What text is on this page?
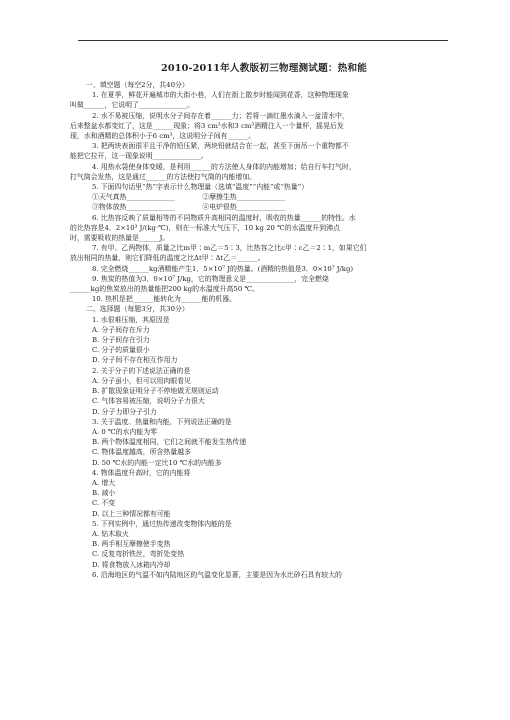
2010-2011年人教版初三物理测试题：热和能
一、填空题（每空2分，共40分）
1. 在夏季，鲜花开遍城市的大街小巷，人们在街上散步时能闻到花香，这种物理现象
叫做______，它说明了______________。
2. 水不易被压缩，说明水分子间存在着______力；若将一滴红墨水滴入一盆清水中，
后来整盆水都变红了，这是______现象；将3 cm³水和3 cm³酒精注入一个量杯，摇晃后发
现，水和酒精的总体积小于6 cm³，这说明分子间有______。
3. 把两块表面很平且干净的铅压紧，两块铅就结合在一起，甚至下面吊一个重物都不
能把它拉开，这一现象说明______________。
4. 用热水袋使身体变暖，是利用______的方法使人身体的内能增加；给自行车打气时，
打气筒会发热，这是通过______的方法使打气筒的内能增加。
5. 下面四句话里“热”字表示什么物理量（选填“温度”“内能”或“热量”）
①天气真热______________　　　　②摩擦生热______________
③物体放热______________　　　　④电炉很热______________
6. 比热容反映了质量相等的不同物质升高相同的温度时，吸收的热量______的特性。水
的比热容是4．2×10³ J/(kg·℃)，则在一标准大气压下，10 kg 20 ℃的水温度升到沸点
时，需要吸收的热量是______J。
7. 有甲、乙两物体，质量之比m甲∶m乙＝5∶3，比热容之比c甲∶c乙＝2∶1，如果它们
放出相同的热量，则它们降低的温度之比Δt甲∶Δt乙＝______。
8. 完全燃烧______kg酒精能产生1．5×10⁷ J的热量。(酒精的热值是3．0×10⁷ J/kg)
9. 焦炭的热值为3．0×10⁷ J/kg，它的物理意义是______________，完全燃烧
______kg的焦炭放出的热量能把200 kg的水温度升高50 ℃。
10. 热机是把______能转化为______能的机器。
二、选择题（每题3分，共30分）
1. 水很难压缩，其原因是
A. 分子间存在斥力
B. 分子间存在引力
C. 分子的质量很小
D. 分子间不存在相互作用力
2. 关于分子的下述说法正确的是
A. 分子虽小，但可以用肉眼看见
B. 扩散现象证明分子不停地做无规则运动
C. 气体容易被压缩，说明分子力很大
D. 分子力即分子引力
3. 关于温度、热量和内能，下列说法正确的是
A. 0 ℃的水内能为零
B. 两个物体温度相同，它们之间就不能发生热传递
C. 物体温度越高，所含热量越多
D. 50 ℃水的内能一定比10 ℃水的内能多
4. 物体温度升高时，它的内能将
A. 增大
B. 减小
C. 不变
D. 以上三种情况都有可能
5. 下列实例中，通过热传递改变物体内能的是
A. 钻木取火
B. 两手相互摩擦使手变热
C. 反复弯折铁丝，弯折处变热
D. 将食物放入冰箱内冷却
6. 沿海地区的气温不如内陆地区的气温变化显著，主要是因为水比砂石具有较大的
